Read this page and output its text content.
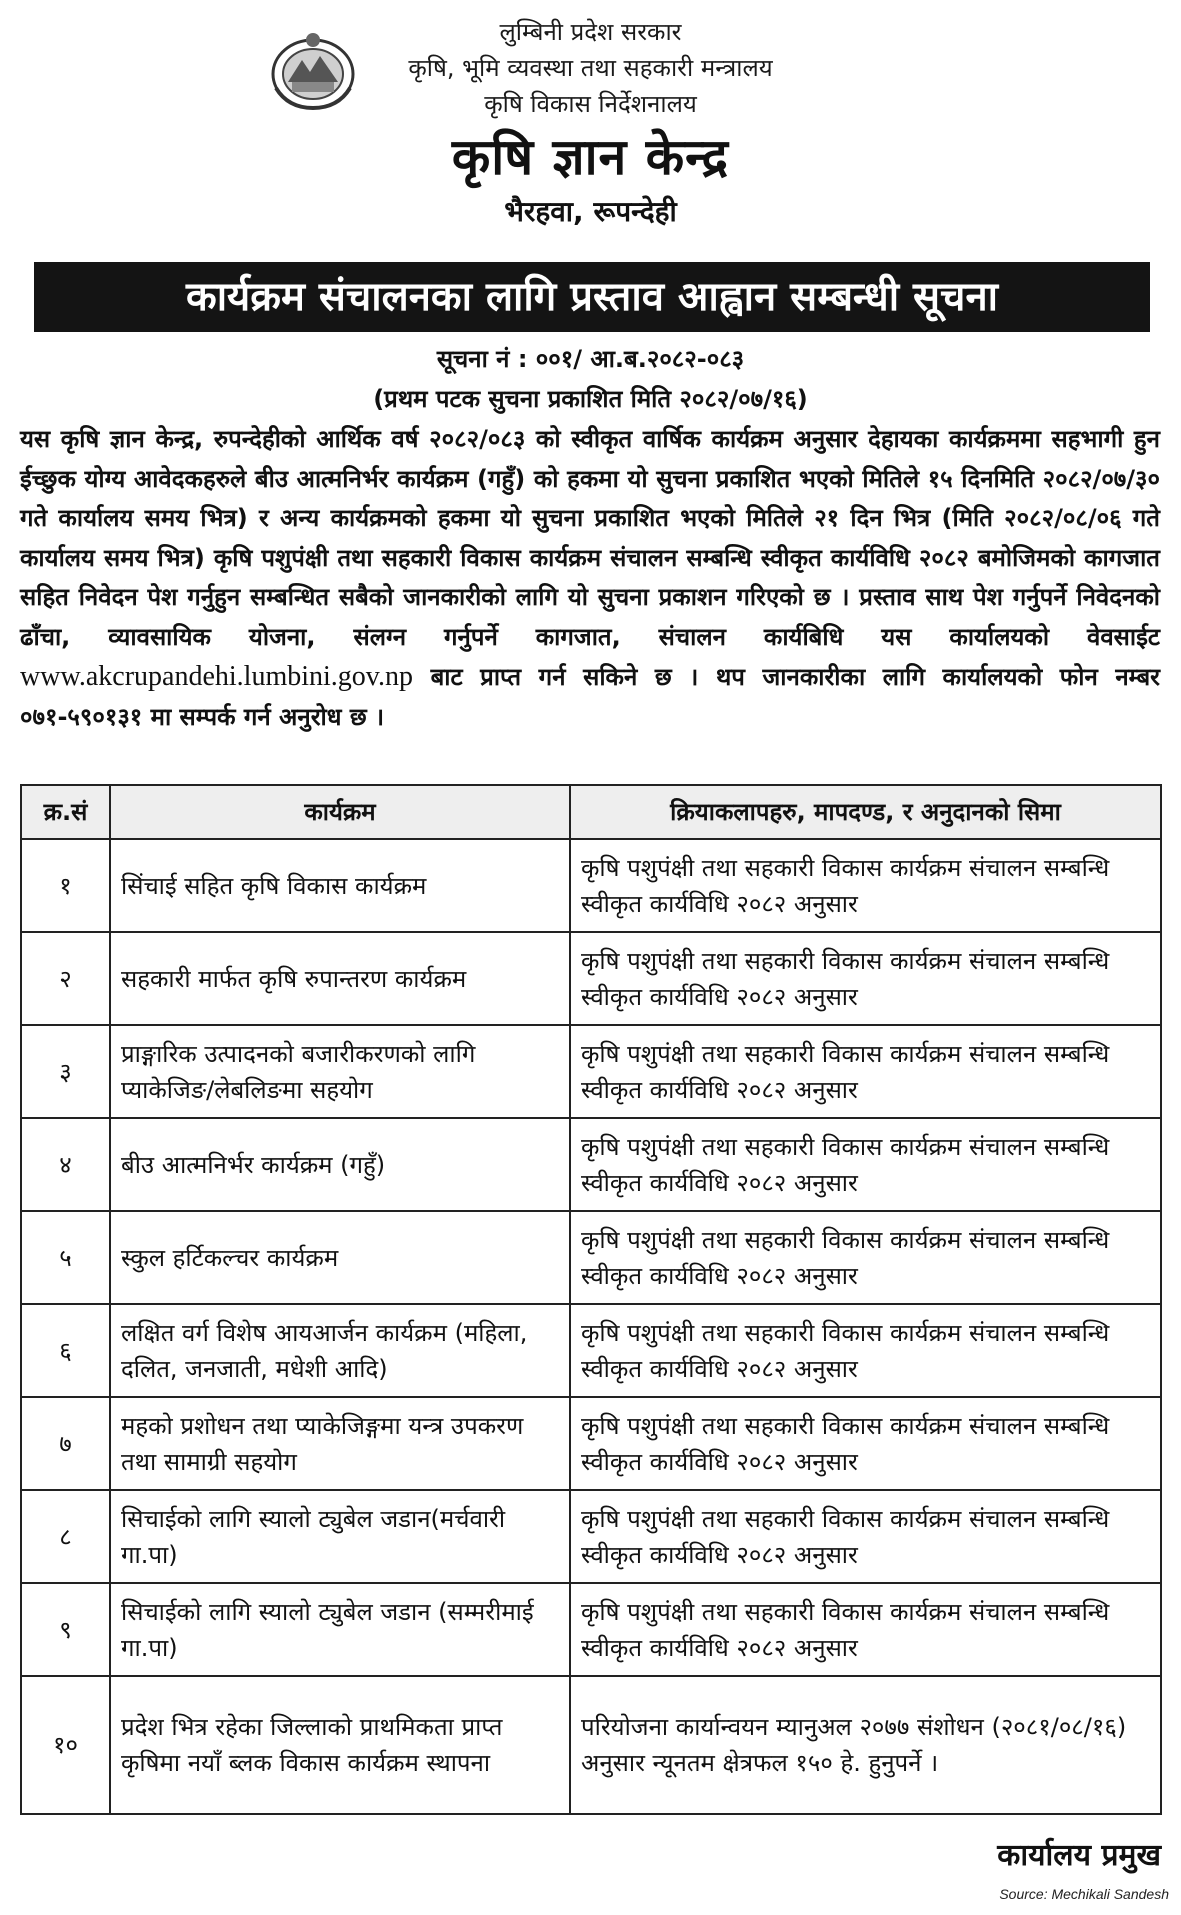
लुम्बिनी प्रदेश सरकार
कृषि, भूमि व्यवस्था तथा सहकारी मन्त्रालय
कृषि विकास निर्देशनालय
कृषि ज्ञान केन्द्र
भैरहवा, रूपन्देही
कार्यक्रम संचालनका लागि प्रस्ताव आह्वान सम्बन्धी सूचना
सूचना नं : ००१/ आ.ब.२०८२-०८३
(प्रथम पटक सुचना प्रकाशित मिति २०८२/०७/१६)
यस कृषि ज्ञान केन्द्र, रुपन्देहीको आर्थिक वर्ष २०८२/०८३ को स्वीकृत वार्षिक कार्यक्रम अनुसार देहायका कार्यक्रममा सहभागी हुन ईच्छुक योग्य आवेदकहरुले बीउ आत्मनिर्भर कार्यक्रम (गहुँ) को हकमा यो सुचना प्रकाशित भएको मितिले १५ दिनमिति २०८२/०७/३० गते कार्यालय समय भित्र) र अन्य कार्यक्रमको हकमा यो सुचना प्रकाशित भएको मितिले २१ दिन भित्र (मिति २०८२/०८/०६ गते कार्यालय समय भित्र) कृषि पशुपंक्षी तथा सहकारी विकास कार्यक्रम संचालन सम्बन्धि स्वीकृत कार्यविधि २०८२ बमोजिमको कागजात सहित निवेदन पेश गर्नुहुन सम्बन्धित सबैको जानकारीको लागि यो सुचना प्रकाशन गरिएको छ । प्रस्ताव साथ पेश गर्नुपर्ने निवेदनको ढाँचा, व्यावसायिक योजना, संलग्न गर्नुपर्ने कागजात, संचालन कार्यबिधि यस कार्यालयको वेवसाईट www.akcrupandehi.lumbini.gov.np बाट प्राप्त गर्न सकिने छ । थप जानकारीका लागि कार्यालयको फोन नम्बर ०७१-५९०१३१ मा सम्पर्क गर्न अनुरोध छ ।
क्र.सं	कार्यक्रम	क्रियाकलापहरु, मापदण्ड, र अनुदानको सिमा
१	सिंचाई सहित कृषि विकास कार्यक्रम	कृषि पशुपंक्षी तथा सहकारी विकास कार्यक्रम संचालन सम्बन्धि स्वीकृत कार्यविधि २०८२ अनुसार
२	सहकारी मार्फत कृषि रुपान्तरण कार्यक्रम	कृषि पशुपंक्षी तथा सहकारी विकास कार्यक्रम संचालन सम्बन्धि स्वीकृत कार्यविधि २०८२ अनुसार
३	प्राङ्गारिक उत्पादनको बजारीकरणको लागि प्याकेजिङ/लेबलिङमा सहयोग	कृषि पशुपंक्षी तथा सहकारी विकास कार्यक्रम संचालन सम्बन्धि स्वीकृत कार्यविधि २०८२ अनुसार
४	बीउ आत्मनिर्भर कार्यक्रम (गहुँ)	कृषि पशुपंक्षी तथा सहकारी विकास कार्यक्रम संचालन सम्बन्धि स्वीकृत कार्यविधि २०८२ अनुसार
५	स्कुल हर्टिकल्चर कार्यक्रम	कृषि पशुपंक्षी तथा सहकारी विकास कार्यक्रम संचालन सम्बन्धि स्वीकृत कार्यविधि २०८२ अनुसार
६	लक्षित वर्ग विशेष आयआर्जन कार्यक्रम (महिला, दलित, जनजाती, मधेशी आदि)	कृषि पशुपंक्षी तथा सहकारी विकास कार्यक्रम संचालन सम्बन्धि स्वीकृत कार्यविधि २०८२ अनुसार
७	महको प्रशोधन तथा प्याकेजिङ्गमा यन्त्र उपकरण तथा सामाग्री सहयोग	कृषि पशुपंक्षी तथा सहकारी विकास कार्यक्रम संचालन सम्बन्धि स्वीकृत कार्यविधि २०८२ अनुसार
८	सिचाईको लागि स्यालो ट्युबेल जडान(मर्चवारी गा.पा)	कृषि पशुपंक्षी तथा सहकारी विकास कार्यक्रम संचालन सम्बन्धि स्वीकृत कार्यविधि २०८२ अनुसार
९	सिचाईको लागि स्यालो ट्युबेल जडान (सम्मरीमाई गा.पा)	कृषि पशुपंक्षी तथा सहकारी विकास कार्यक्रम संचालन सम्बन्धि स्वीकृत कार्यविधि २०८२ अनुसार
१०	प्रदेश भित्र रहेका जिल्लाको प्राथमिकता प्राप्त कृषिमा नयाँ ब्लक विकास कार्यक्रम स्थापना	परियोजना कार्यान्वयन म्यानुअल २०७७ संशोधन (२०८१/०८/१६) अनुसार न्यूनतम क्षेत्रफल १५० हे. हुनुपर्ने ।
कार्यालय प्रमुख
Source: Mechikali Sandesh
